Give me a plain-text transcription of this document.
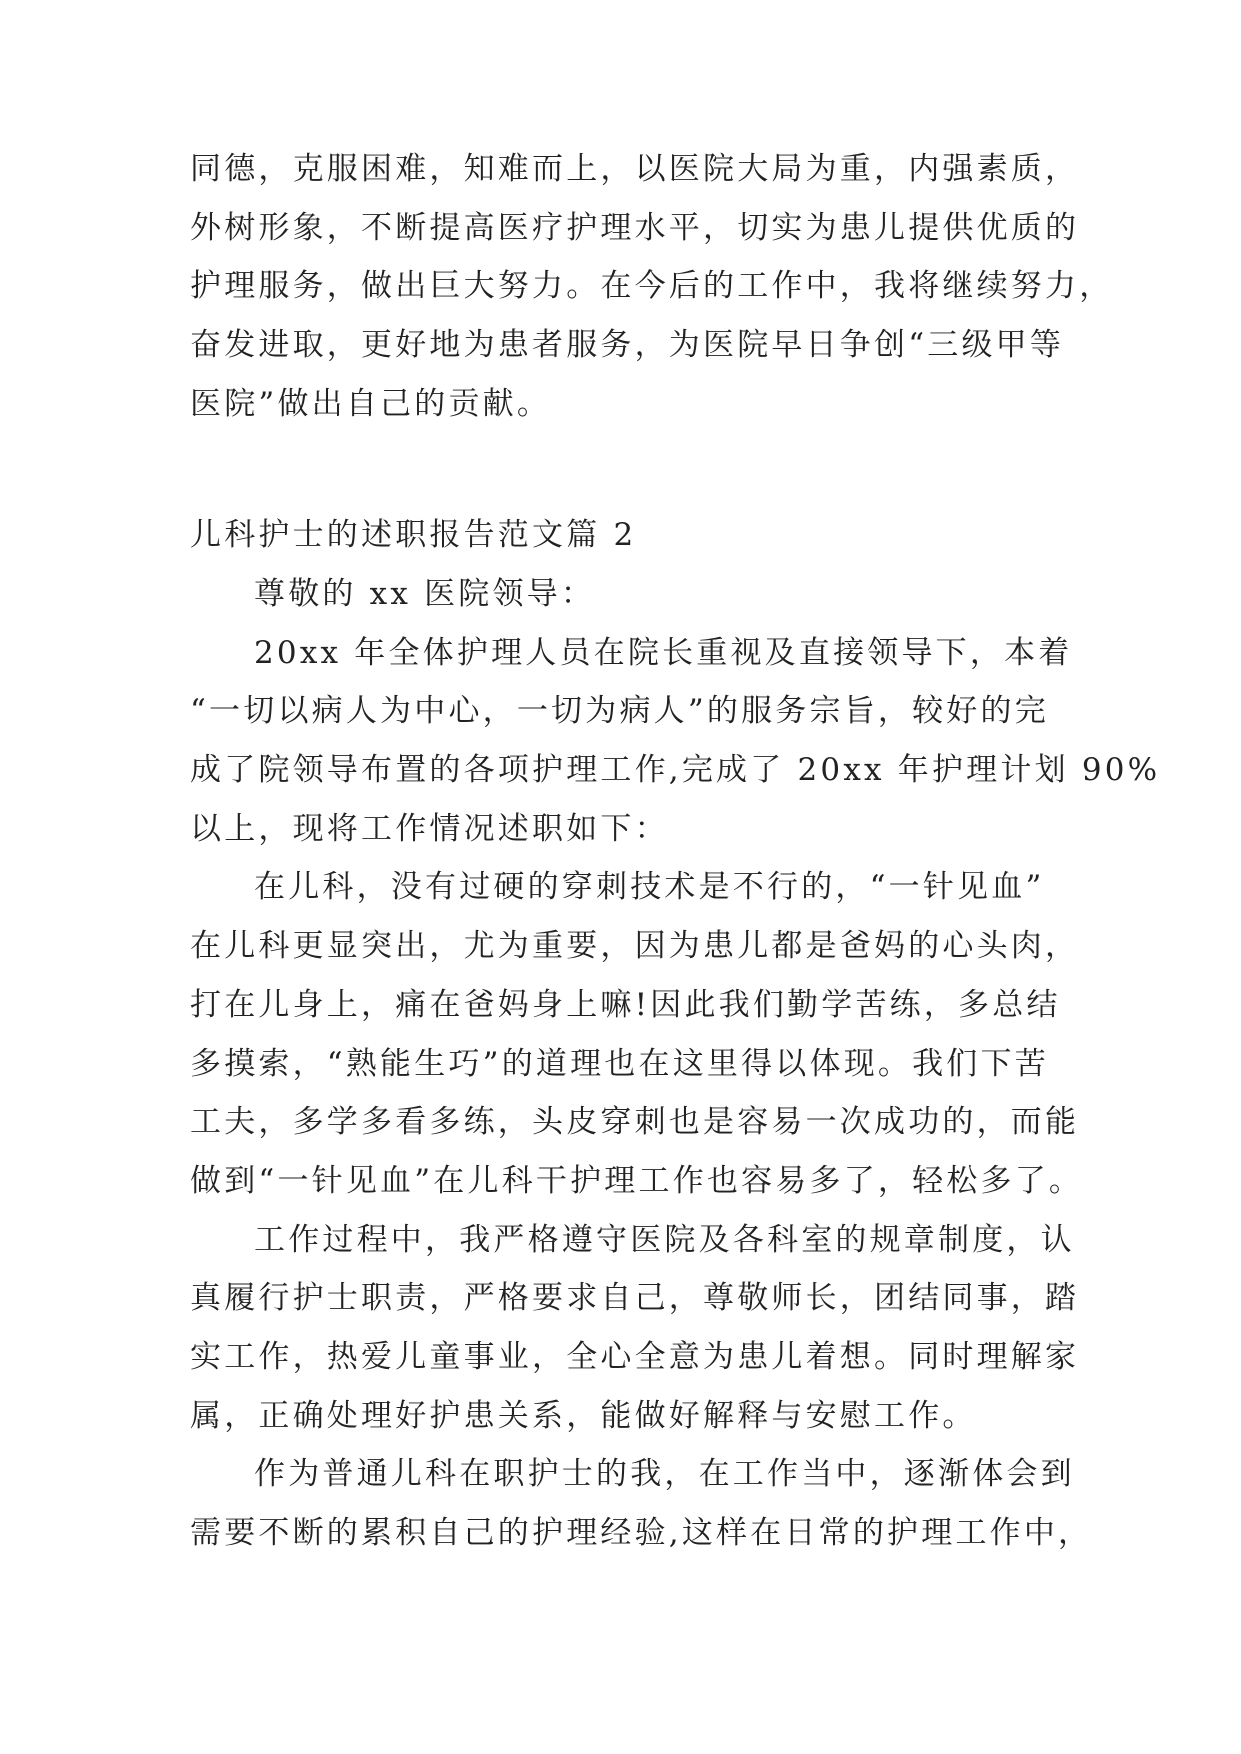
同德，克服困难，知难而上，以医院大局为重，内强素质，
外树形象，不断提高医疗护理水平，切实为患儿提供优质的
护理服务，做出巨大努力。在今后的工作中，我将继续努力，
奋发进取，更好地为患者服务，为医院早日争创“三级甲等
医院”做出自己的贡献。
儿科护士的述职报告范文篇 2
尊敬的 xx 医院领导：
20xx 年全体护理人员在院长重视及直接领导下，本着
“一切以病人为中心，一切为病人”的服务宗旨，较好的完
成了院领导布置的各项护理工作,完成了 20xx 年护理计划 90%
以上，现将工作情况述职如下：
在儿科，没有过硬的穿刺技术是不行的，“一针见血”
在儿科更显突出，尤为重要，因为患儿都是爸妈的心头肉，
打在儿身上，痛在爸妈身上嘛!因此我们勤学苦练，多总结
多摸索，“熟能生巧”的道理也在这里得以体现。我们下苦
工夫，多学多看多练，头皮穿刺也是容易一次成功的，而能
做到“一针见血”在儿科干护理工作也容易多了，轻松多了。
工作过程中，我严格遵守医院及各科室的规章制度，认
真履行护士职责，严格要求自己，尊敬师长，团结同事，踏
实工作，热爱儿童事业，全心全意为患儿着想。同时理解家
属，正确处理好护患关系，能做好解释与安慰工作。
作为普通儿科在职护士的我，在工作当中，逐渐体会到
需要不断的累积自己的护理经验,这样在日常的护理工作中，
